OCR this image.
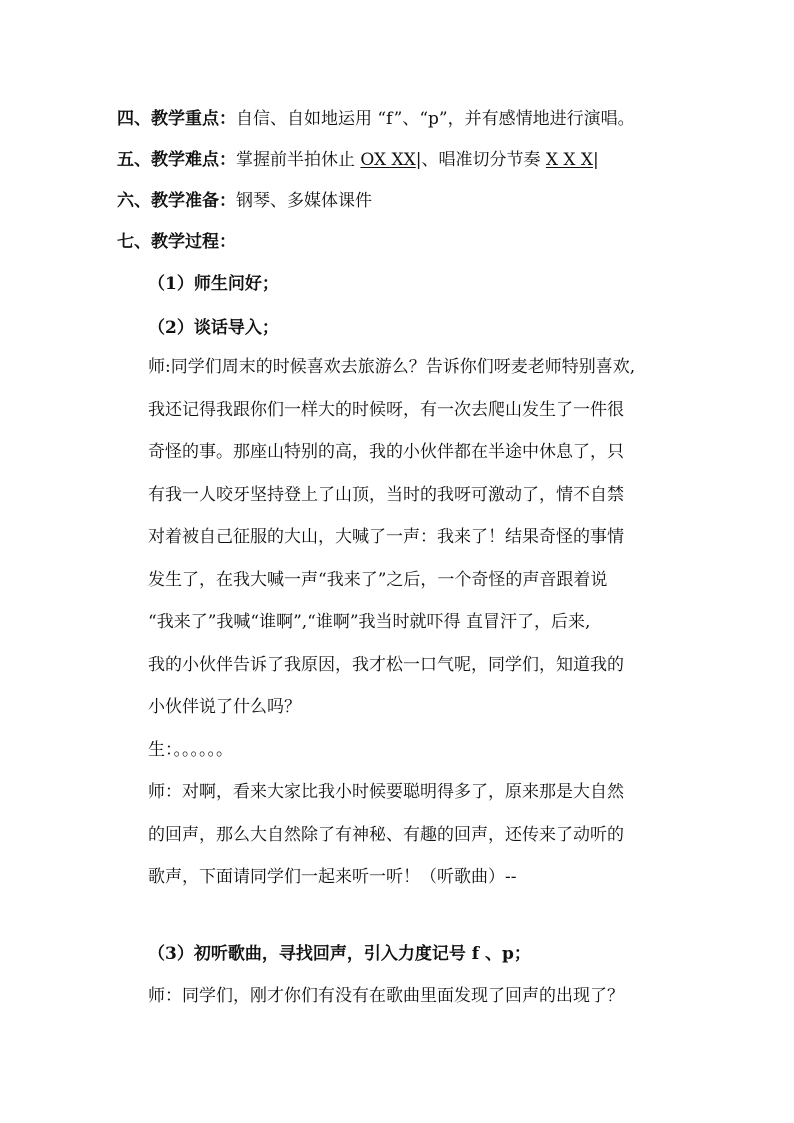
四、教学重点：自信、自如地运用 “f”、“p”，并有感情地进行演唱。
五、教学难点：掌握前半拍休止 OX XX|、唱准切分节奏 X X X|
六、教学准备：钢琴、多媒体课件
七、教学过程：
（1）师生问好；
（2）谈话导入；
师:同学们周末的时候喜欢去旅游么？告诉你们呀麦老师特别喜欢,
我还记得我跟你们一样大的时候呀，有一次去爬山发生了一件很
奇怪的事。那座山特别的高，我的小伙伴都在半途中休息了，只
有我一人咬牙坚持登上了山顶，当时的我呀可激动了，情不自禁
对着被自己征服的大山，大喊了一声：我来了！结果奇怪的事情
发生了，在我大喊一声“我来了”之后，一个奇怪的声音跟着说
“我来了”我喊“谁啊”,“谁啊”我当时就吓得 直冒汗了，后来,
我的小伙伴告诉了我原因，我才松一口气呢，同学们，知道我的
小伙伴说了什么吗？
生：。。。。。。
师：对啊，看来大家比我小时候要聪明得多了，原来那是大自然
的回声，那么大自然除了有神秘、有趣的回声，还传来了动听的
歌声，下面请同学们一起来听一听！（听歌曲）--
（3）初听歌曲，寻找回声，引入力度记号 f 、p；
师：同学们，刚才你们有没有在歌曲里面发现了回声的出现了？
